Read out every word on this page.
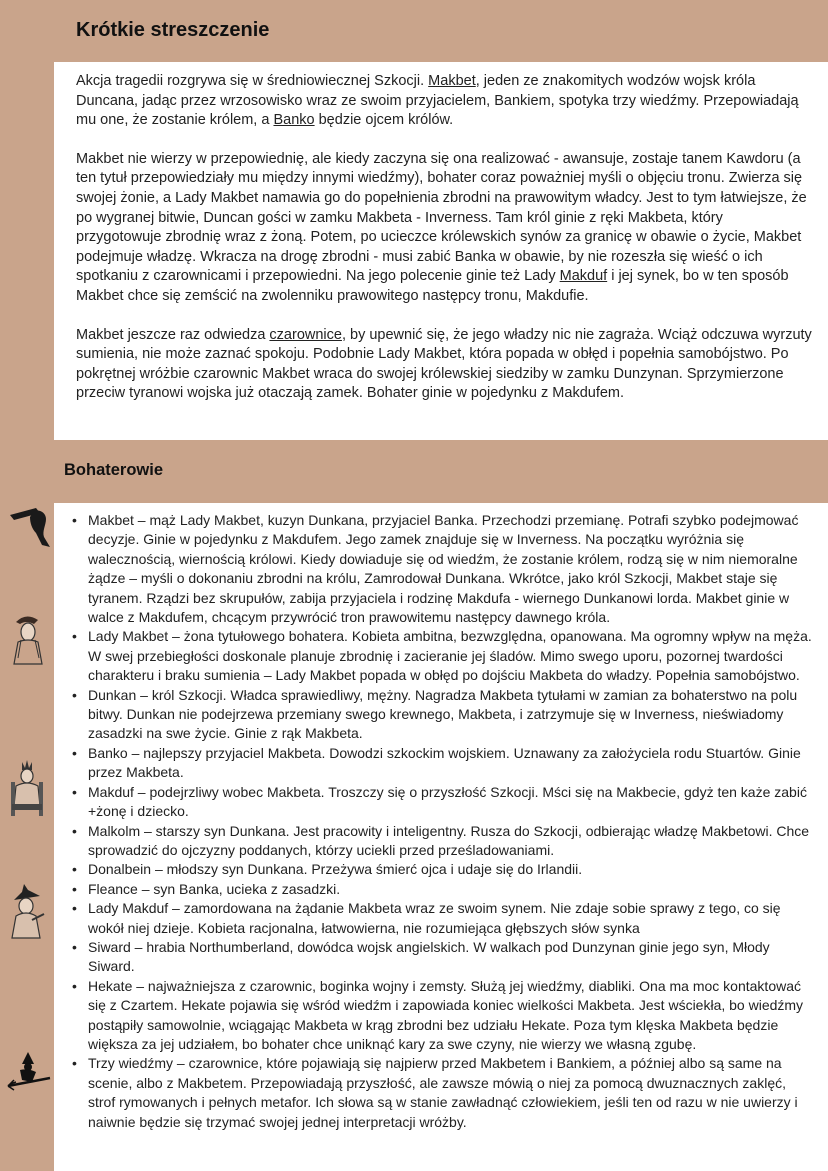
Krótkie streszczenie

Akcja tragedii rozgrywa się w średniowiecznej Szkocji. Makbet, jeden ze znakomitych wodzów wojsk króla Duncana, jadąc przez wrzosowisko wraz ze swoim przyjacielem, Bankiem, spotyka trzy wiedźmy. Przepowiadają mu one, że zostanie królem, a Banko będzie ojcem królów.

Makbet nie wierzy w przepowiednię, ale kiedy zaczyna się ona realizować - awansuje, zostaje tanem Kawdoru (a ten tytuł przepowiedziały mu między innymi wiedźmy), bohater coraz poważniej myśli o objęciu tronu. Zwierza się swojej żonie, a Lady Makbet namawia go do popełnienia zbrodni na prawowitym władcy. Jest to tym łatwiejsze, że po wygranej bitwie, Duncan gości w zamku Makbeta - Inverness. Tam król ginie z ręki Makbeta, który przygotowuje zbrodnię wraz z żoną. Potem, po ucieczce królewskich synów za granicę w obawie o życie, Makbet podejmuje władzę. Wkracza na drogę zbrodni - musi zabić Banka w obawie, by nie rozeszła się wieść o ich spotkaniu z czarownicami i przepowiedni. Na jego polecenie ginie też Lady Makduf i jej synek, bo w ten sposób Makbet chce się zemścić na zwolenniku prawowitego następcy tronu, Makdufie.

Makbet jeszcze raz odwiedza czarownice, by upewnić się, że jego władzy nic nie zagraża. Wciąż odczuwa wyrzuty sumienia, nie może zaznać spokoju. Podobnie Lady Makbet, która popada w obłęd i popełnia samobójstwo. Po pokrętnej wróżbie czarownic Makbet wraca do swojej królewskiej siedziby w zamku Dunzynan. Sprzymierzone przeciw tyranowi wojska już otaczają zamek. Bohater ginie w pojedynku z Makdufem.

Bohaterowie
• Makbet – mąż Lady Makbet, kuzyn Dunkana, przyjaciel Banka. Przechodzi przemianę. Potrafi szybko podejmować decyzje. Ginie w pojedynku z Makdufem. Jego zamek znajduje się w Inverness. Na początku wyróżnia się walecznością, wiernością królowi. Kiedy dowiaduje się od wiedźm, że zostanie królem, rodzą się w nim niemoralne żądze – myśli o dokonaniu zbrodni na królu, Zamrodował Dunkana. Wkrótce, jako król Szkocji, Makbet staje się tyranem. Rządzi bez skrupułów, zabija przyjaciela i rodzinę Makdufa - wiernego Dunkanowi lorda. Makbet ginie w walce z Makdufem, chcącym przywrócić tron prawowitemu następcy dawnego króla.
• Lady Makbet – żona tytułowego bohatera. Kobieta ambitna, bezwzględna, opanowana. Ma ogromny wpływ na męża. W swej przebiegłości doskonale planuje zbrodnię i zacieranie jej śladów. Mimo swego uporu, pozornej twardości charakteru i braku sumienia – Lady Makbet popada w obłęd po dojściu Makbeta do władzy. Popełnia samobójstwo.
• Dunkan – król Szkocji. Władca sprawiedliwy, mężny. Nagradza Makbeta tytułami w zamian za bohaterstwo na polu bitwy. Dunkan nie podejrzewa przemiany swego krewnego, Makbeta, i zatrzymuje się w Inverness, nieświadomy zasadzki na swe życie. Ginie z rąk Makbeta.
• Banko – najlepszy przyjaciel Makbeta. Dowodzi szkockim wojskiem. Uznawany za założyciela rodu Stuartów. Ginie przez Makbeta.
• Makduf – podejrzliwy wobec Makbeta. Troszczy się o przyszłość Szkocji. Mści się na Makbecie, gdyż ten każe zabić +żonę i dziecko.
• Malkolm – starszy syn Dunkana. Jest pracowity i inteligentny. Rusza do Szkocji, odbierając władzę Makbetowi. Chce sprowadzić do ojczyzny poddanych, którzy uciekli przed prześladowaniami.
• Donalbein – młodszy syn Dunkana. Przeżywa śmierć ojca i udaje się do Irlandii.
• Fleance – syn Banka, ucieka z zasadzki.
• Lady Makduf – zamordowana na żądanie Makbeta wraz ze swoim synem. Nie zdaje sobie sprawy z tego, co się wokół niej dzieje. Kobieta racjonalna, łatwowierna, nie rozumiejąca głębszych słów synka
• Siward – hrabia Northumberland, dowódca wojsk angielskich. W walkach pod Dunzynan ginie jego syn, Młody Siward.
• Hekate – najważniejsza z czarownic, boginka wojny i zemsty. Służą jej wiedźmy, diabliki. Ona ma moc kontaktować się z Czartem. Hekate pojawia się wśród wiedźm i zapowiada koniec wielkości Makbeta. Jest wściekła, bo wiedźmy postąpiły samowolnie, wciągając Makbeta w krąg zbrodni bez udziału Hekate. Poza tym klęska Makbeta będzie większa za jej udziałem, bo bohater chce uniknąć kary za swe czyny, nie wierzy we własną zgubę.
• Trzy wiedźmy – czarownice, które pojawiają się najpierw przed Makbetem i Bankiem, a później albo są same na scenie, albo z Makbetem. Przepowiadają przyszłość, ale zawsze mówią o niej za pomocą dwuznacznych zaklęć, strof rymowanych i pełnych metafor. Ich słowa są w stanie zawładnąć człowiekiem, jeśli ten od razu w nie uwierzy i naiwnie będzie się trzymać swojej jednej interpretacji wróżby.
